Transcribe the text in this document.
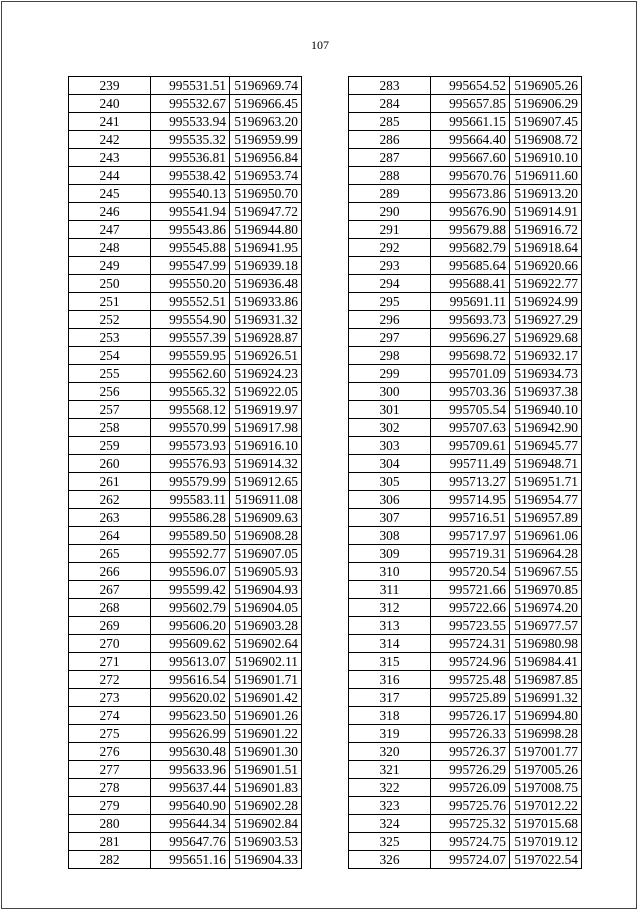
107
239	995531.51	5196969.74
240	995532.67	5196966.45
241	995533.94	5196963.20
242	995535.32	5196959.99
243	995536.81	5196956.84
244	995538.42	5196953.74
245	995540.13	5196950.70
246	995541.94	5196947.72
247	995543.86	5196944.80
248	995545.88	5196941.95
249	995547.99	5196939.18
250	995550.20	5196936.48
251	995552.51	5196933.86
252	995554.90	5196931.32
253	995557.39	5196928.87
254	995559.95	5196926.51
255	995562.60	5196924.23
256	995565.32	5196922.05
257	995568.12	5196919.97
258	995570.99	5196917.98
259	995573.93	5196916.10
260	995576.93	5196914.32
261	995579.99	5196912.65
262	995583.11	5196911.08
263	995586.28	5196909.63
264	995589.50	5196908.28
265	995592.77	5196907.05
266	995596.07	5196905.93
267	995599.42	5196904.93
268	995602.79	5196904.05
269	995606.20	5196903.28
270	995609.62	5196902.64
271	995613.07	5196902.11
272	995616.54	5196901.71
273	995620.02	5196901.42
274	995623.50	5196901.26
275	995626.99	5196901.22
276	995630.48	5196901.30
277	995633.96	5196901.51
278	995637.44	5196901.83
279	995640.90	5196902.28
280	995644.34	5196902.84
281	995647.76	5196903.53
282	995651.16	5196904.33
283	995654.52	5196905.26
284	995657.85	5196906.29
285	995661.15	5196907.45
286	995664.40	5196908.72
287	995667.60	5196910.10
288	995670.76	5196911.60
289	995673.86	5196913.20
290	995676.90	5196914.91
291	995679.88	5196916.72
292	995682.79	5196918.64
293	995685.64	5196920.66
294	995688.41	5196922.77
295	995691.11	5196924.99
296	995693.73	5196927.29
297	995696.27	5196929.68
298	995698.72	5196932.17
299	995701.09	5196934.73
300	995703.36	5196937.38
301	995705.54	5196940.10
302	995707.63	5196942.90
303	995709.61	5196945.77
304	995711.49	5196948.71
305	995713.27	5196951.71
306	995714.95	5196954.77
307	995716.51	5196957.89
308	995717.97	5196961.06
309	995719.31	5196964.28
310	995720.54	5196967.55
311	995721.66	5196970.85
312	995722.66	5196974.20
313	995723.55	5196977.57
314	995724.31	5196980.98
315	995724.96	5196984.41
316	995725.48	5196987.85
317	995725.89	5196991.32
318	995726.17	5196994.80
319	995726.33	5196998.28
320	995726.37	5197001.77
321	995726.29	5197005.26
322	995726.09	5197008.75
323	995725.76	5197012.22
324	995725.32	5197015.68
325	995724.75	5197019.12
326	995724.07	5197022.54
